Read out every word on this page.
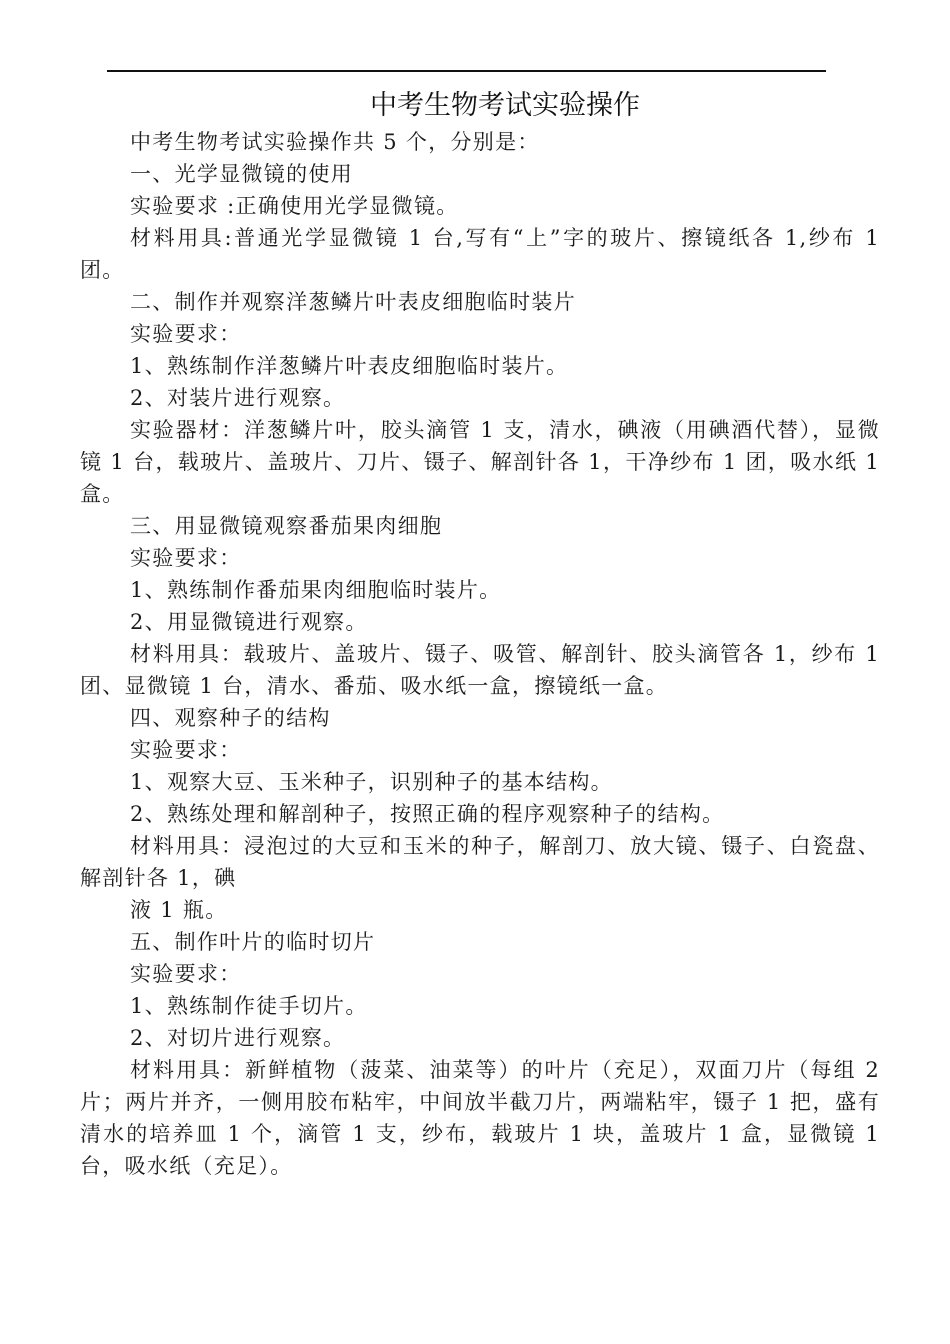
中考生物考试实验操作

中考生物考试实验操作共 5 个，分别是：

一、光学显微镜的使用

实验要求 :正确使用光学显微镜。

材料用具:普通光学显微镜 1 台,写有“上”字的玻片、擦镜纸各 1,纱布 1 团。

二、制作并观察洋葱鳞片叶表皮细胞临时装片

实验要求：

1、熟练制作洋葱鳞片叶表皮细胞临时装片。

2、对装片进行观察。

实验器材：洋葱鳞片叶，胶头滴管 1 支，清水，碘液（用碘酒代替），显微镜 1 台，载玻片、盖玻片、刀片、镊子、解剖针各 1，干净纱布 1 团，吸水纸 1 盒。

三、用显微镜观察番茄果肉细胞

实验要求：

1、熟练制作番茄果肉细胞临时装片。

2、用显微镜进行观察。

材料用具：载玻片、盖玻片、镊子、吸管、解剖针、胶头滴管各 1，纱布 1 团、显微镜 1 台，清水、番茄、吸水纸一盒，擦镜纸一盒。

四、观察种子的结构

实验要求：

1、观察大豆、玉米种子，识别种子的基本结构。

2、熟练处理和解剖种子，按照正确的程序观察种子的结构。

材料用具：浸泡过的大豆和玉米的种子，解剖刀、放大镜、镊子、白瓷盘、解剖针各 1，碘

液 1 瓶。

五、制作叶片的临时切片

实验要求：

1、熟练制作徒手切片。

2、对切片进行观察。

材料用具：新鲜植物（菠菜、油菜等）的叶片（充足），双面刀片（每组 2 片；两片并齐，一侧用胶布粘牢，中间放半截刀片，两端粘牢，镊子 1 把，盛有清水的培养皿 1 个，滴管 1 支，纱布，载玻片 1 块，盖玻片 1 盒，显微镜 1 台，吸水纸（充足）。
